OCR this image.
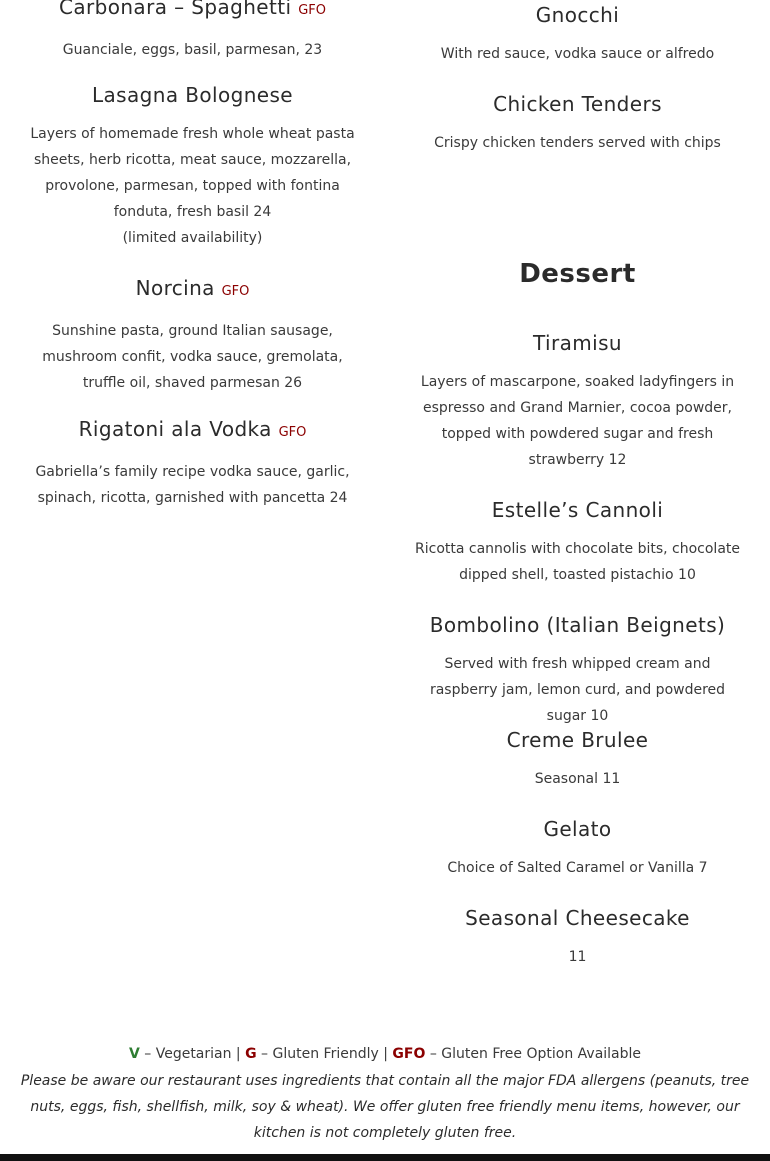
Carbonara – Spaghetti GFO

Guanciale, eggs, basil, parmesan, 23

Lasagna Bolognese

Layers of homemade fresh whole wheat pasta sheets, herb ricotta, meat sauce, mozzarella, provolone, parmesan, topped with fontina fonduta, fresh basil 24
(limited availability)

Norcina GFO

Sunshine pasta, ground Italian sausage, mushroom confit, vodka sauce, gremolata, truffle oil, shaved parmesan 26

Rigatoni ala Vodka GFO

Gabriella’s family recipe vodka sauce, garlic, spinach, ricotta, garnished with pancetta 24

Gnocchi

With red sauce, vodka sauce or alfredo

Chicken Tenders

Crispy chicken tenders served with chips

Dessert
Tiramisu

Layers of mascarpone, soaked ladyfingers in espresso and Grand Marnier, cocoa powder, topped with powdered sugar and fresh strawberry 12

Estelle’s Cannoli

Ricotta cannolis with chocolate bits, chocolate dipped shell, toasted pistachio 10

Bombolino (Italian Beignets)

Served with fresh whipped cream and raspberry jam, lemon curd, and powdered sugar 10

Creme Brulee

Seasonal 11

Gelato

Choice of Salted Caramel or Vanilla 7

Seasonal Cheesecake

11

V – Vegetarian | G – Gluten Friendly | GFO – Gluten Free Option Available

Please be aware our restaurant uses ingredients that contain all the major FDA allergens (peanuts, tree nuts, eggs, fish, shellfish, milk, soy & wheat). We offer gluten free friendly menu items, however, our kitchen is not completely gluten free.
